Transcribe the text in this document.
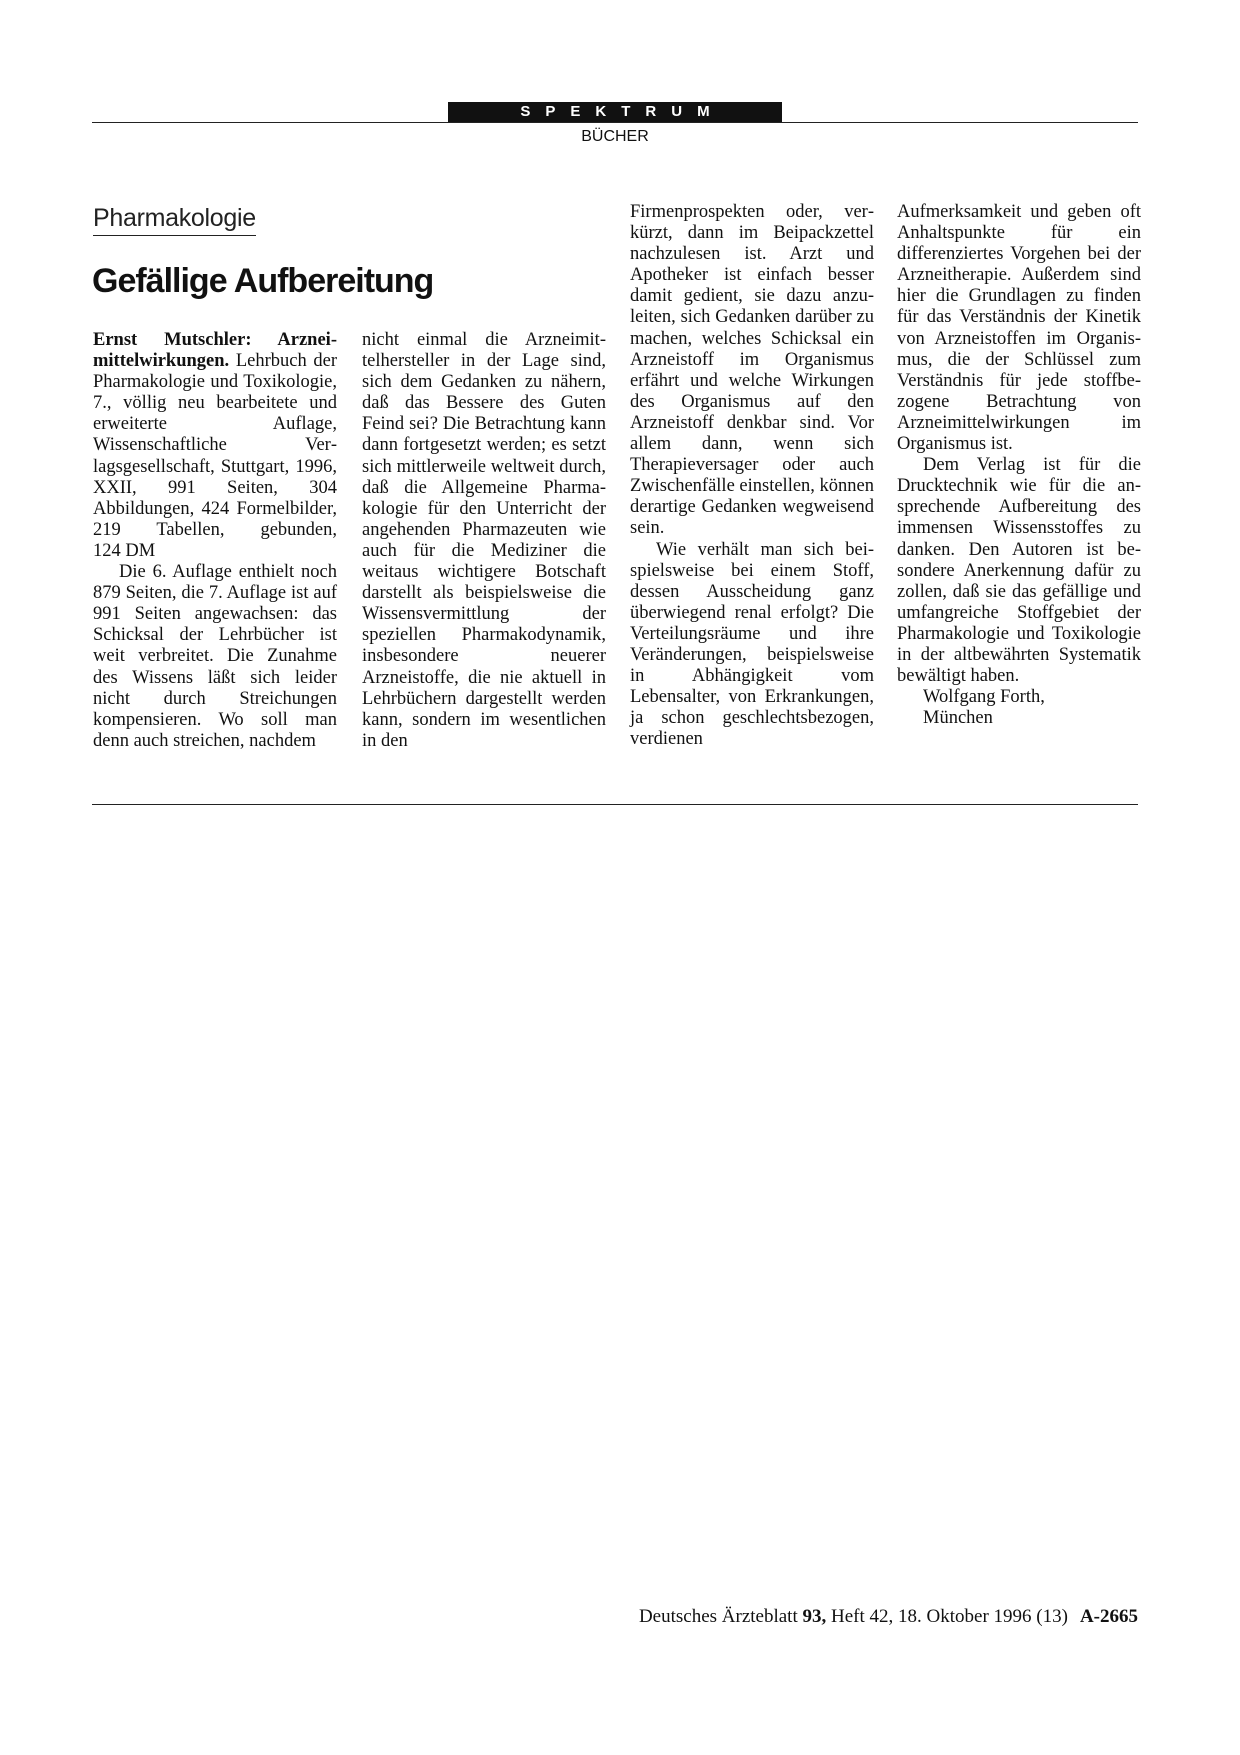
SPEKTRUM
BÜCHER
Pharmakologie
Gefällige Aufbereitung

Ernst Mutschler: Arzneimittelwirkungen. Lehrbuch der Pharmakologie und Toxikologie, 7., völlig neu bearbeitete und erweiterte Auflage, Wissenschaftliche Verlagsgesellschaft, Stuttgart, 1996, XXII, 991 Seiten, 304 Abbildungen, 424 Formelbilder, 219 Tabellen, gebunden, 124 DM

Die 6. Auflage enthielt noch 879 Seiten, die 7. Auflage ist auf 991 Seiten angewachsen: das Schicksal der Lehrbücher ist weit verbreitet. Die Zunahme des Wissens läßt sich leider nicht durch Streichungen kompensieren. Wo soll man denn auch streichen, nachdem

nicht einmal die Arzneimittelhersteller in der Lage sind, sich dem Gedanken zu nähern, daß das Bessere des Guten Feind sei? Die Betrachtung kann dann fortgesetzt werden; es setzt sich mittlerweile weltweit durch, daß die Allgemeine Pharmakologie für den Unterricht der angehenden Pharmazeuten wie auch für die Mediziner die weitaus wichtigere Botschaft darstellt als beispielsweise die Wissensvermittlung der speziellen Pharmakodynamik, insbesondere neuerer Arzneistoffe, die nie aktuell in Lehrbüchern dargestellt werden kann, sondern im wesentlichen in den

Firmenprospekten oder, verkürzt, dann im Beipackzettel nachzulesen ist. Arzt und Apotheker ist einfach besser damit gedient, sie dazu anzuleiten, sich Gedanken darüber zu machen, welches Schicksal ein Arzneistoff im Organismus erfährt und welche Wirkungen des Organismus auf den Arzneistoff denkbar sind. Vor allem dann, wenn sich Therapieversager oder auch Zwischenfälle einstellen, können derartige Gedanken wegweisend sein.

Wie verhält man sich beispielsweise bei einem Stoff, dessen Ausscheidung ganz überwiegend renal erfolgt? Die Verteilungsräume und ihre Veränderungen, beispielsweise in Abhängigkeit vom Lebensalter, von Erkrankungen, ja schon geschlechtsbezogen, verdienen

Aufmerksamkeit und geben oft Anhaltspunkte für ein differenziertes Vorgehen bei der Arzneitherapie. Außerdem sind hier die Grundlagen zu finden für das Verständnis der Kinetik von Arzneistoffen im Organismus, die der Schlüssel zum Verständnis für jede stoffbezogene Betrachtung von Arzneimittelwirkungen im Organismus ist.

Dem Verlag ist für die Drucktechnik wie für die ansprechende Aufbereitung des immensen Wissensstoffes zu danken. Den Autoren ist besondere Anerkennung dafür zu zollen, daß sie das gefällige und umfangreiche Stoffgebiet der Pharmakologie und Toxikologie in der altbewährten Systematik bewältigt haben.

Wolfgang Forth,

München

Deutsches Ärzteblatt 93, Heft 42, 18. Oktober 1996 (13) A-2665
